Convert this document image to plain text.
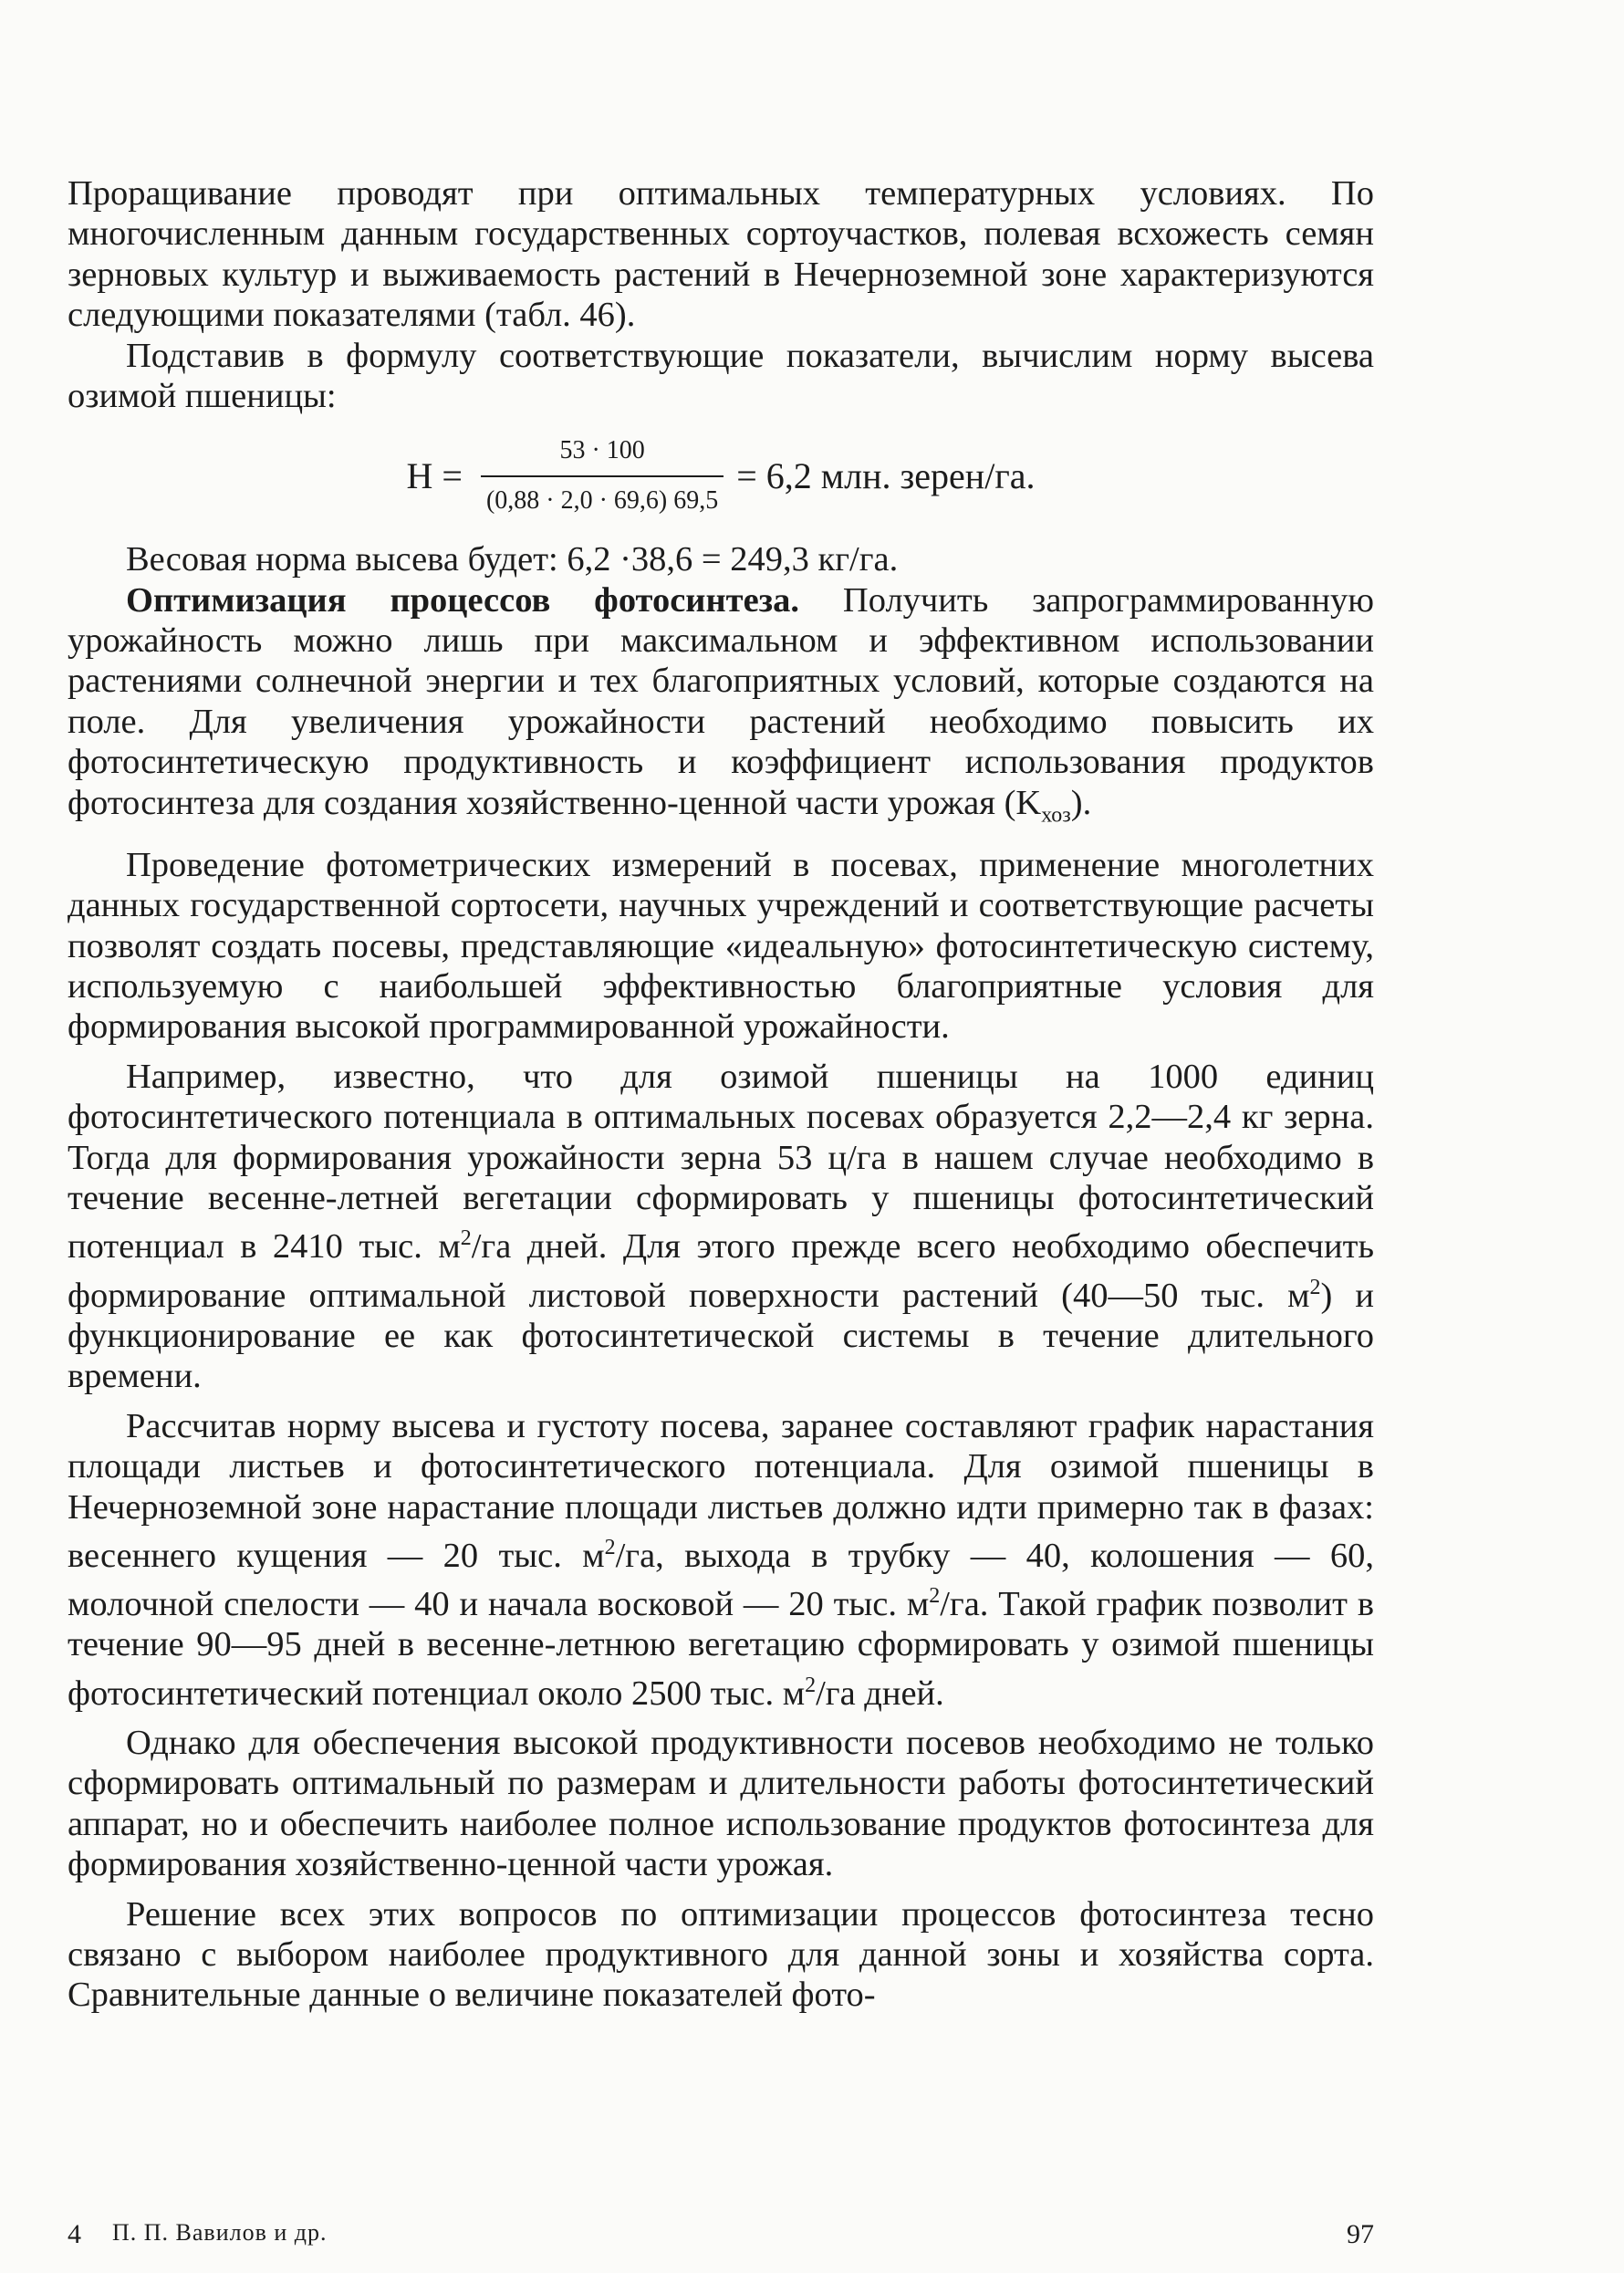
Проращивание проводят при оптимальных температурных условиях. По многочисленным данным государственных сортоучастков, полевая всхожесть семян зерновых культур и выживаемость растений в Нечерноземной зоне характеризуются следующими показателями (табл. 46).

Подставив в формулу соответствующие показатели, вычислим норму высева озимой пшеницы:

$Н = \frac{53 \cdot 100}{(0,88 \cdot 2,0 \cdot 69,6) 69,5} = 6,2$ млн. зерен/га.

Весовая норма высева будет: 6,2 ·38,6 = 249,3 кг/га.

Оптимизация процессов фотосинтеза. Получить запрограммированную урожайность можно лишь при максимальном и эффективном использовании растениями солнечной энергии и тех благоприятных условий, которые создаются на поле. Для увеличения урожайности растений необходимо повысить их фотосинтетическую продуктивность и коэффициент использования продуктов фотосинтеза для создания хозяйственно-ценной части урожая $(K_{хоз})$.

Проведение фотометрических измерений в посевах, применение многолетних данных государственной сортосети, научных учреждений и соответствующие расчеты позволят создать посевы, представляющие «идеальную» фотосинтетическую систему, используемую с наибольшей эффективностью благоприятные условия для формирования высокой программированной урожайности.

Например, известно, что для озимой пшеницы на 1000 единиц фотосинтетического потенциала в оптимальных посевах образуется 2,2—2,4 кг зерна. Тогда для формирования урожайности зерна 53 ц/га в нашем случае необходимо в течение весенне-летней вегетации сформировать у пшеницы фотосинтетический потенциал в 2410 тыс. $м^2/га$ дней. Для этого прежде всего необходимо обеспечить формирование оптимальной листовой поверхности растений (40—50 тыс. $м^2$) и функционирование ее как фотосинтетической системы в течение длительного времени.

Рассчитав норму высева и густоту посева, заранее составляют график нарастания площади листьев и фотосинтетического потенциала. Для озимой пшеницы в Нечерноземной зоне нарастание площади листьев должно идти примерно так в фазах: весеннего кущения — 20 тыс. $м^2/га$, выхода в трубку — 40, колошения — 60, молочной спелости — 40 и начала восковой — 20 тыс. $м^2/га$. Такой график позволит в течение 90—95 дней в весенне-летнюю вегетацию сформировать у озимой пшеницы фотосинтетический потенциал около 2500 тыс. $м^2/га$ дней.

Однако для обеспечения высокой продуктивности посевов необходимо не только сформировать оптимальный по размерам и длительности работы фотосинтетический аппарат, но и обеспечить наиболее полное использование продуктов фотосинтеза для формирования хозяйственно-ценной части урожая.

Решение всех этих вопросов по оптимизации процессов фотосинтеза тесно связано с выбором наиболее продуктивного для данной зоны и хозяйства сорта. Сравнительные данные о величине показателей фото-

4 П. П. Вавилов и др.	97
